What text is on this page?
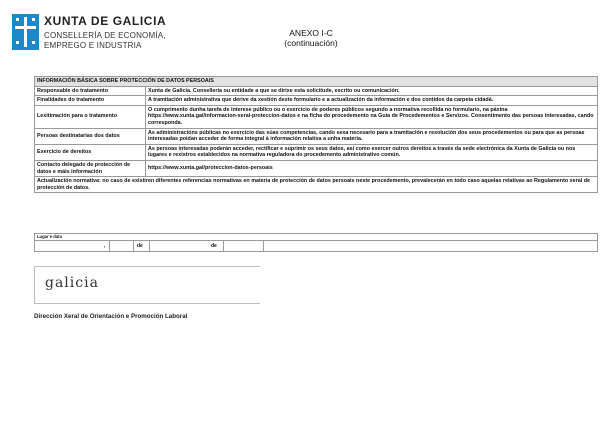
XUNTA DE GALICIA
CONSELLERÍA DE ECONOMÍA,
EMPREGO E INDUSTRIA
ANEXO I-C
(continuación)
INFORMACIÓN BÁSICA SOBRE PROTECCIÓN DE DATOS PERSOAIS	
Responsable do tratamento	Xunta de Galicia. Consellería ou entidade a que se dirixe esta solicitude, escrito ou comunicación.
Finalidades do tratamento	A tramitación administrativa que derive da xestión deste formulario e a actualización da información e dos contidos da carpeta cidadá.
Lexitimación para o tratamento	O cumprimento dunha tarefa de interese público ou o exercicio de poderes públicos segundo a normativa recollida no formulario, na páxina https://www.xunta.gal/informacion-xeral-proteccion-datos e na ficha do procedemento na Guía de Procedementos e Servizos. Consentimento das persoas interesadas, cando corresponda.
Persoas destinatarias dos datos	As administracións públicas no exercicio das súas competencias, cando sexa necesario para a tramitación e resolución dos seus procedementos ou para que as persoas interesadas poidan acceder de forma integral á información relativa a unha materia.
Exercicio de dereitos	As persoas interesadas poderán acceder, rectificar e suprimir os seus datos, así como exercer outros dereitos a través da sede electrónica da Xunta de Galicia ou nos lugares e rexistros establecidos na normativa reguladora do procedemento administrativo común.
Contacto delegado de protección de datos e máis información	https://www.xunta.gal/proteccion-datos-persoais
Actualización normativa: no caso de existiren diferentes referencias normativas en materia de protección de datos persoais neste procedemento, prevalecerán en todo caso aquelas relativas ao Regulamento xeral de protección de datos.	
Lugar e data
,	de	de
galicia
Dirección Xeral de Orientación e Promoción Laboral
